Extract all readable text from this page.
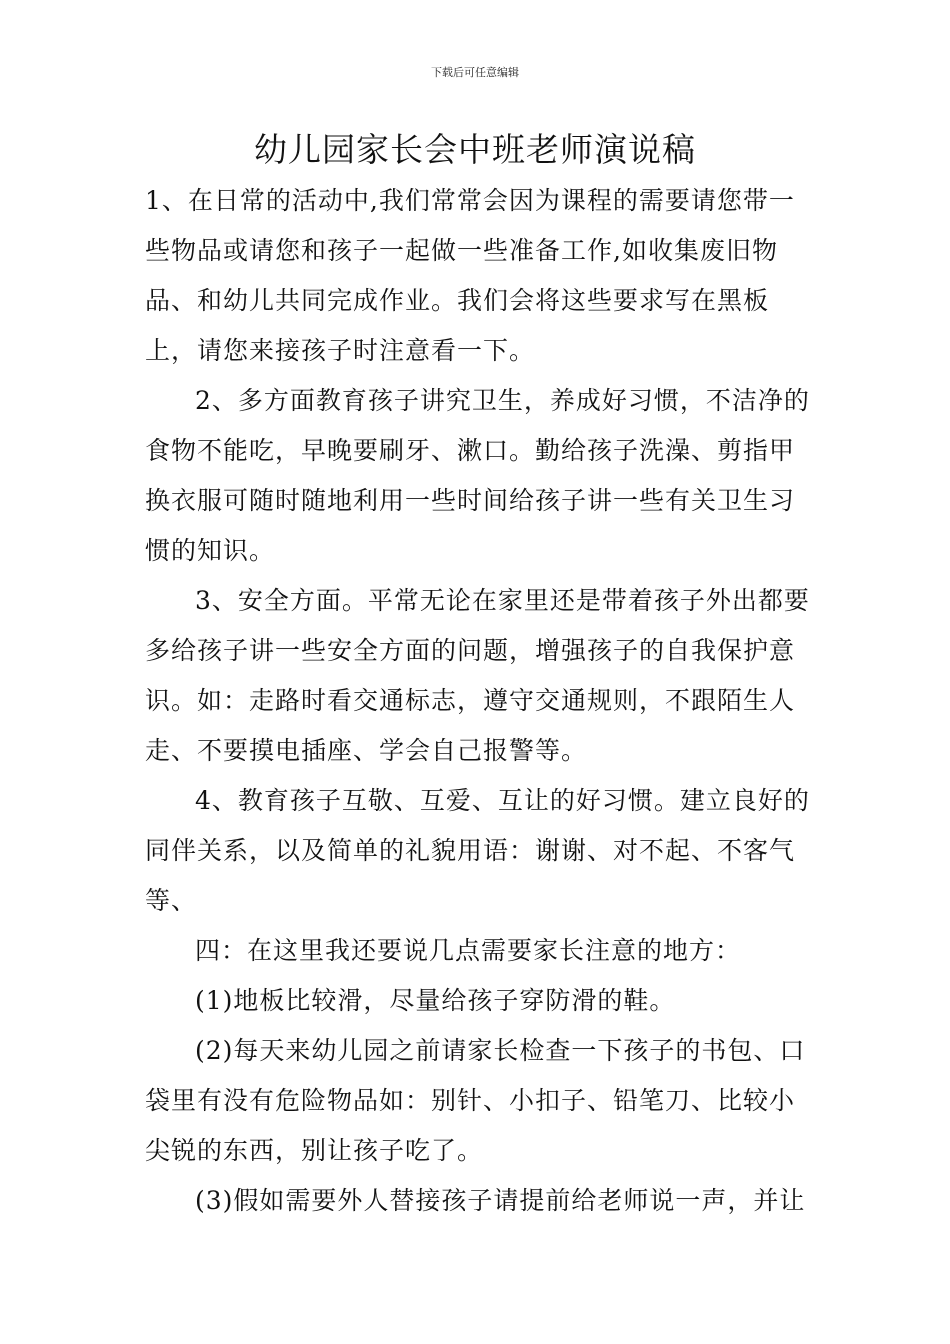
下载后可任意编辑
幼儿园家长会中班老师演说稿

1、在日常的活动中,我们常常会因为课程的需要请您带一些物品或请您和孩子一起做一些准备工作,如收集废旧物品、和幼儿共同完成作业。我们会将这些要求写在黑板上，请您来接孩子时注意看一下。

2、多方面教育孩子讲究卫生，养成好习惯，不洁净的食物不能吃，早晚要刷牙、漱口。勤给孩子洗澡、剪指甲换衣服可随时随地利用一些时间给孩子讲一些有关卫生习惯的知识。

3、安全方面。平常无论在家里还是带着孩子外出都要多给孩子讲一些安全方面的问题，增强孩子的自我保护意识。如：走路时看交通标志，遵守交通规则，不跟陌生人走、不要摸电插座、学会自己报警等。

4、教育孩子互敬、互爱、互让的好习惯。建立良好的同伴关系，以及简单的礼貌用语：谢谢、对不起、不客气等、

四：在这里我还要说几点需要家长注意的地方：

(1)地板比较滑，尽量给孩子穿防滑的鞋。

(2)每天来幼儿园之前请家长检查一下孩子的书包、口袋里有没有危险物品如：别针、小扣子、铅笔刀、比较小尖锐的东西，别让孩子吃了。

(3)假如需要外人替接孩子请提前给老师说一声，并让
